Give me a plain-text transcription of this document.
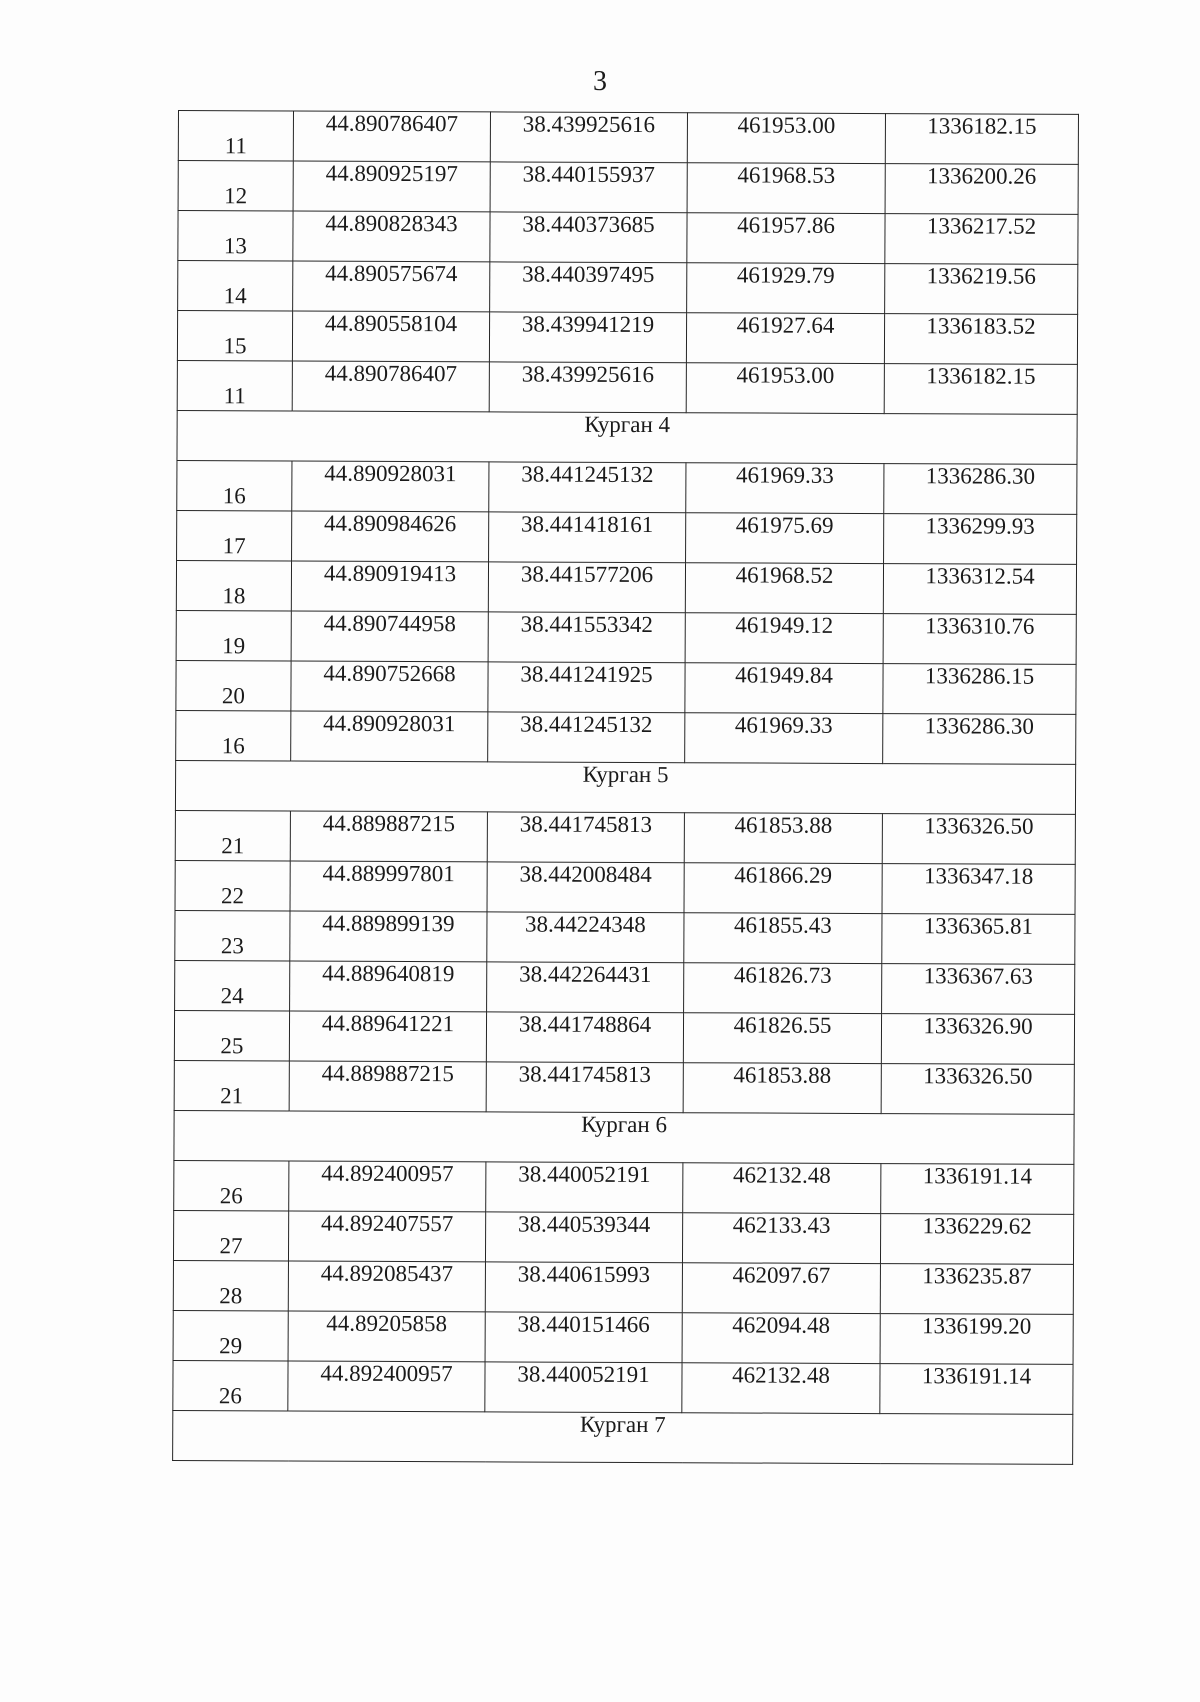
3
11	44.890786407	38.439925616	461953.00	1336182.15
12	44.890925197	38.440155937	461968.53	1336200.26
13	44.890828343	38.440373685	461957.86	1336217.52
14	44.890575674	38.440397495	461929.79	1336219.56
15	44.890558104	38.439941219	461927.64	1336183.52
11	44.890786407	38.439925616	461953.00	1336182.15
Курган 4				
16	44.890928031	38.441245132	461969.33	1336286.30
17	44.890984626	38.441418161	461975.69	1336299.93
18	44.890919413	38.441577206	461968.52	1336312.54
19	44.890744958	38.441553342	461949.12	1336310.76
20	44.890752668	38.441241925	461949.84	1336286.15
16	44.890928031	38.441245132	461969.33	1336286.30
Курган 5				
21	44.889887215	38.441745813	461853.88	1336326.50
22	44.889997801	38.442008484	461866.29	1336347.18
23	44.889899139	38.44224348	461855.43	1336365.81
24	44.889640819	38.442264431	461826.73	1336367.63
25	44.889641221	38.441748864	461826.55	1336326.90
21	44.889887215	38.441745813	461853.88	1336326.50
Курган 6				
26	44.892400957	38.440052191	462132.48	1336191.14
27	44.892407557	38.440539344	462133.43	1336229.62
28	44.892085437	38.440615993	462097.67	1336235.87
29	44.89205858	38.440151466	462094.48	1336199.20
26	44.892400957	38.440052191	462132.48	1336191.14
Курган 7				
